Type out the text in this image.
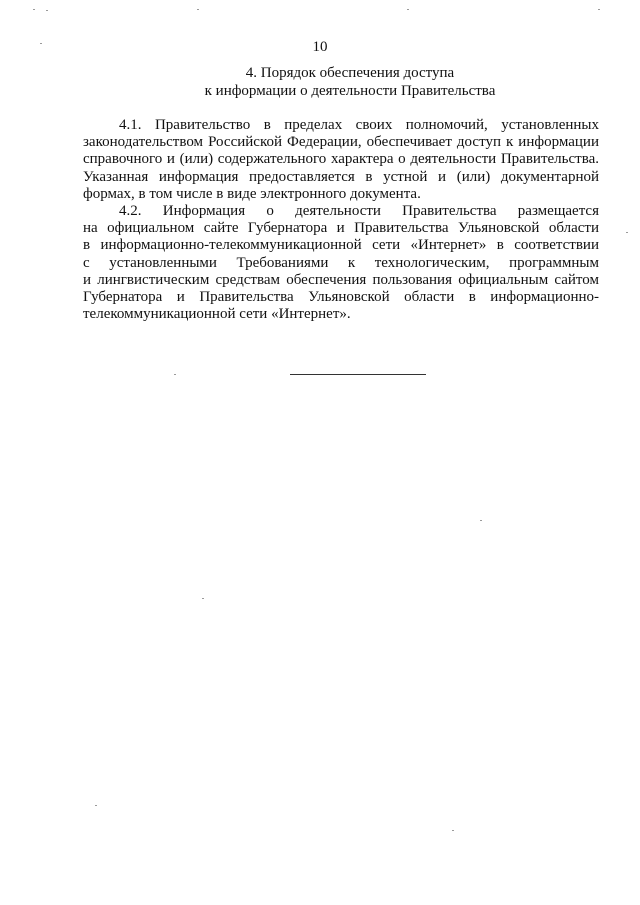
10
4. Порядок обеспечения доступа
к информации о деятельности Правительства
4.1. Правительство в пределах своих полномочий, установленных
законодательством Российской Федерации, обеспечивает доступ к информации
справочного и (или) содержательного характера о деятельности Правительства.
Указанная информация предоставляется в устной и (или) документарной
формах, в том числе в виде электронного документа.
4.2. Информация о деятельности Правительства размещается
на официальном сайте Губернатора и Правительства Ульяновской области
в информационно-телекоммуникационной сети «Интернет» в соответствии
с установленными Требованиями к технологическим, программным
и лингвистическим средствам обеспечения пользования официальным сайтом
Губернатора и Правительства Ульяновской области в информационно-
телекоммуникационной сети «Интернет».
